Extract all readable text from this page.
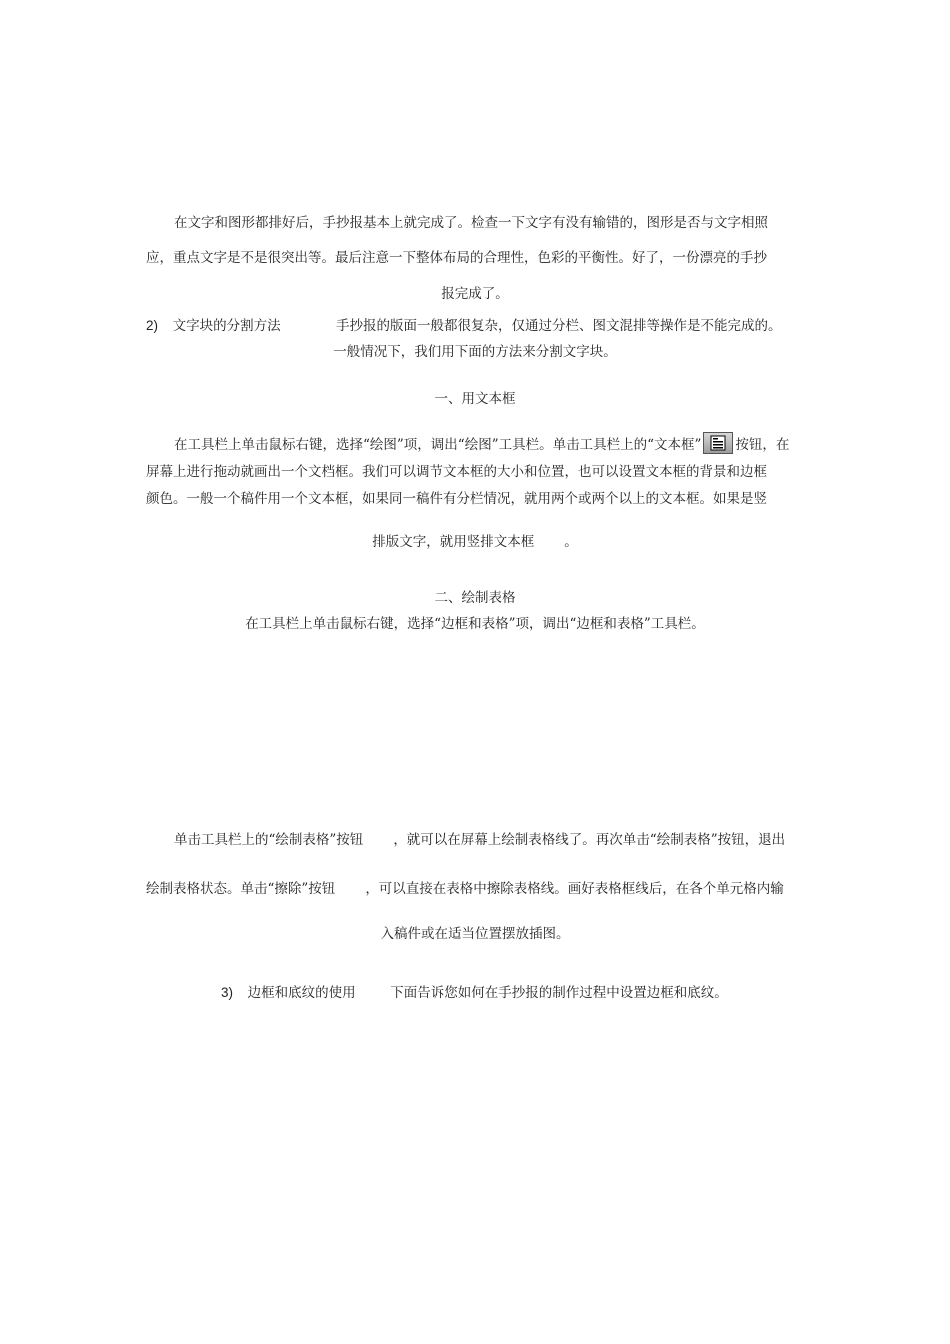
在文字和图形都排好后，手抄报基本上就完成了。检查一下文字有没有输错的，图形是否与文字相照
应，重点文字是不是很突出等。最后注意一下整体布局的合理性，色彩的平衡性。好了，一份漂亮的手抄
报完成了。
2) 文字块的分割方法	手抄报的版面一般都很复杂，仅通过分栏、图文混排等操作是不能完成的。
一般情况下，我们用下面的方法来分割文字块。
一、用文本框
在工具栏上单击鼠标右键，选择“绘图”项，调出“绘图”工具栏。单击工具栏上的“文本框”	按钮，在
屏幕上进行拖动就画出一个文档框。我们可以调节文本框的大小和位置，也可以设置文本框的背景和边框
颜色。一般一个稿件用一个文本框，如果同一稿件有分栏情况，就用两个或两个以上的文本框。如果是竖
排版文字，就用竖排文本框 。
二、绘制表格
在工具栏上单击鼠标右键，选择“边框和表格”项，调出“边框和表格”工具栏。
单击工具栏上的“绘制表格”按钮 ，就可以在屏幕上绘制表格线了。再次单击“绘制表格”按钮，退出
绘制表格状态。单击“擦除”按钮 ，可以直接在表格中擦除表格线。画好表格框线后，在各个单元格内输
入稿件或在适当位置摆放插图。
3) 边框和底纹的使用	下面告诉您如何在手抄报的制作过程中设置边框和底纹。
